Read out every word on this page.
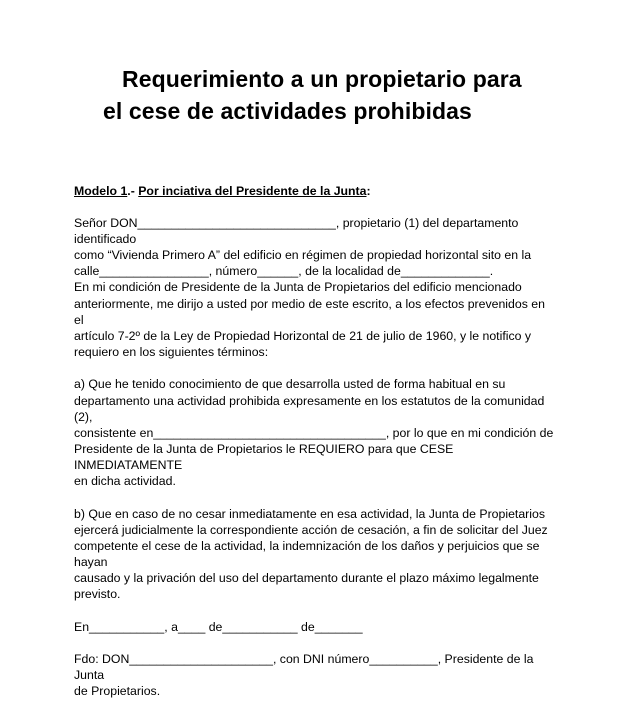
Requerimiento a un propietario para
el cese de actividades prohibidas
Modelo 1.- Por inciativa del Presidente de la Junta:

Señor DON_____________________________, propietario (1) del departamento identificado
como “Vivienda Primero A” del edificio en régimen de propiedad horizontal sito en la
calle________________, número______, de la localidad de_____________.
En mi condición de Presidente de la Junta de Propietarios del edificio mencionado
anteriormente, me dirijo a usted por medio de este escrito, a los efectos prevenidos en el
artículo 7-2º de la Ley de Propiedad Horizontal de 21 de julio de 1960, y le notifico y
requiero en los siguientes términos:

a) Que he tenido conocimiento de que desarrolla usted de forma habitual en su
departamento una actividad prohibida expresamente en los estatutos de la comunidad (2),
consistente en__________________________________, por lo que en mi condición de
Presidente de la Junta de Propietarios le REQUIERO para que CESE INMEDIATAMENTE
en dicha actividad.

b) Que en caso de no cesar inmediatamente en esa actividad, la Junta de Propietarios
ejercerá judicialmente la correspondiente acción de cesación, a fin de solicitar del Juez
competente el cese de la actividad, la indemnización de los daños y perjuicios que se hayan
causado y la privación del uso del departamento durante el plazo máximo legalmente
previsto.

En___________, a____ de___________ de_______

Fdo: DON_____________________, con DNI número__________, Presidente de la Junta
de Propietarios.
